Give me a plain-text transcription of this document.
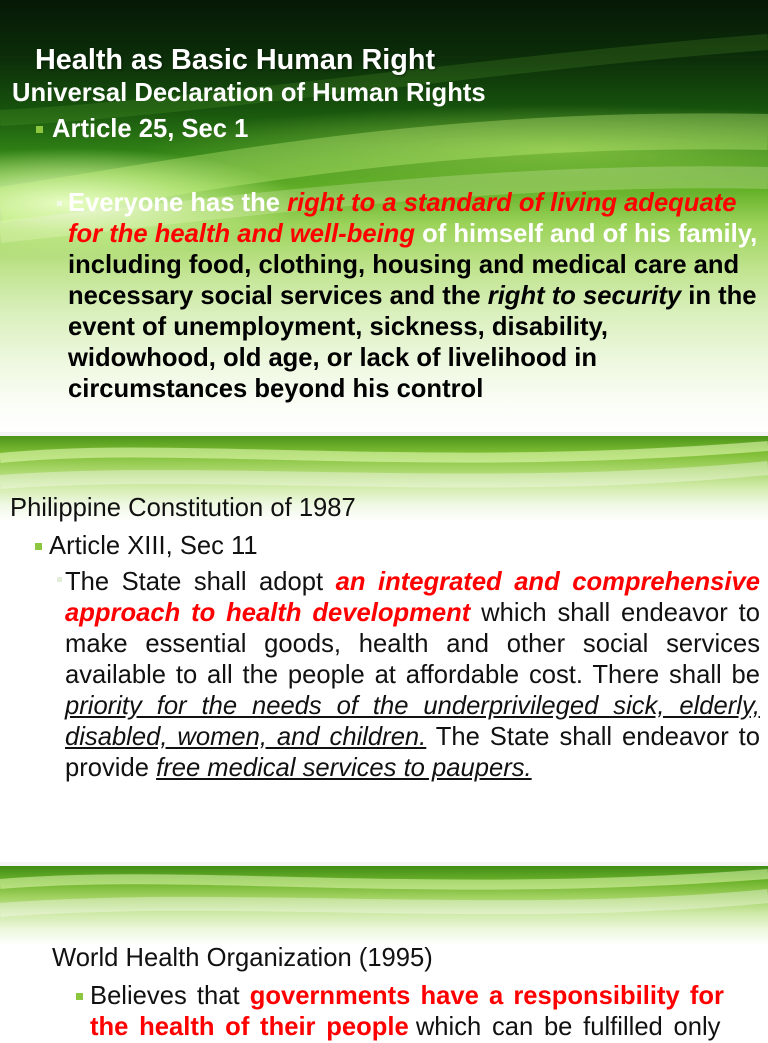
Health as Basic Human Right
Universal Declaration of Human Rights
Article 25, Sec 1
Everyone has the right to a standard of living adequate
for the health and well-being of himself and of his family,
including food, clothing, housing and medical care and
necessary social services and the right to security in the
event of unemployment, sickness, disability,
widowhood, old age, or lack of livelihood in
circumstances beyond his control
Philippine Constitution of 1987
Article XIII, Sec 11
The State shall adopt an integrated and comprehensive
approach to health development which shall endeavor to
make essential goods, health and other social services
available to all the people at affordable cost. There shall be
priority for the needs of the underprivileged sick, elderly,
disabled, women, and children. The State shall endeavor to
provide free medical services to paupers.
World Health Organization (1995)
Believes that governments have a responsibility for
the health of their people which can be fulfilled only
